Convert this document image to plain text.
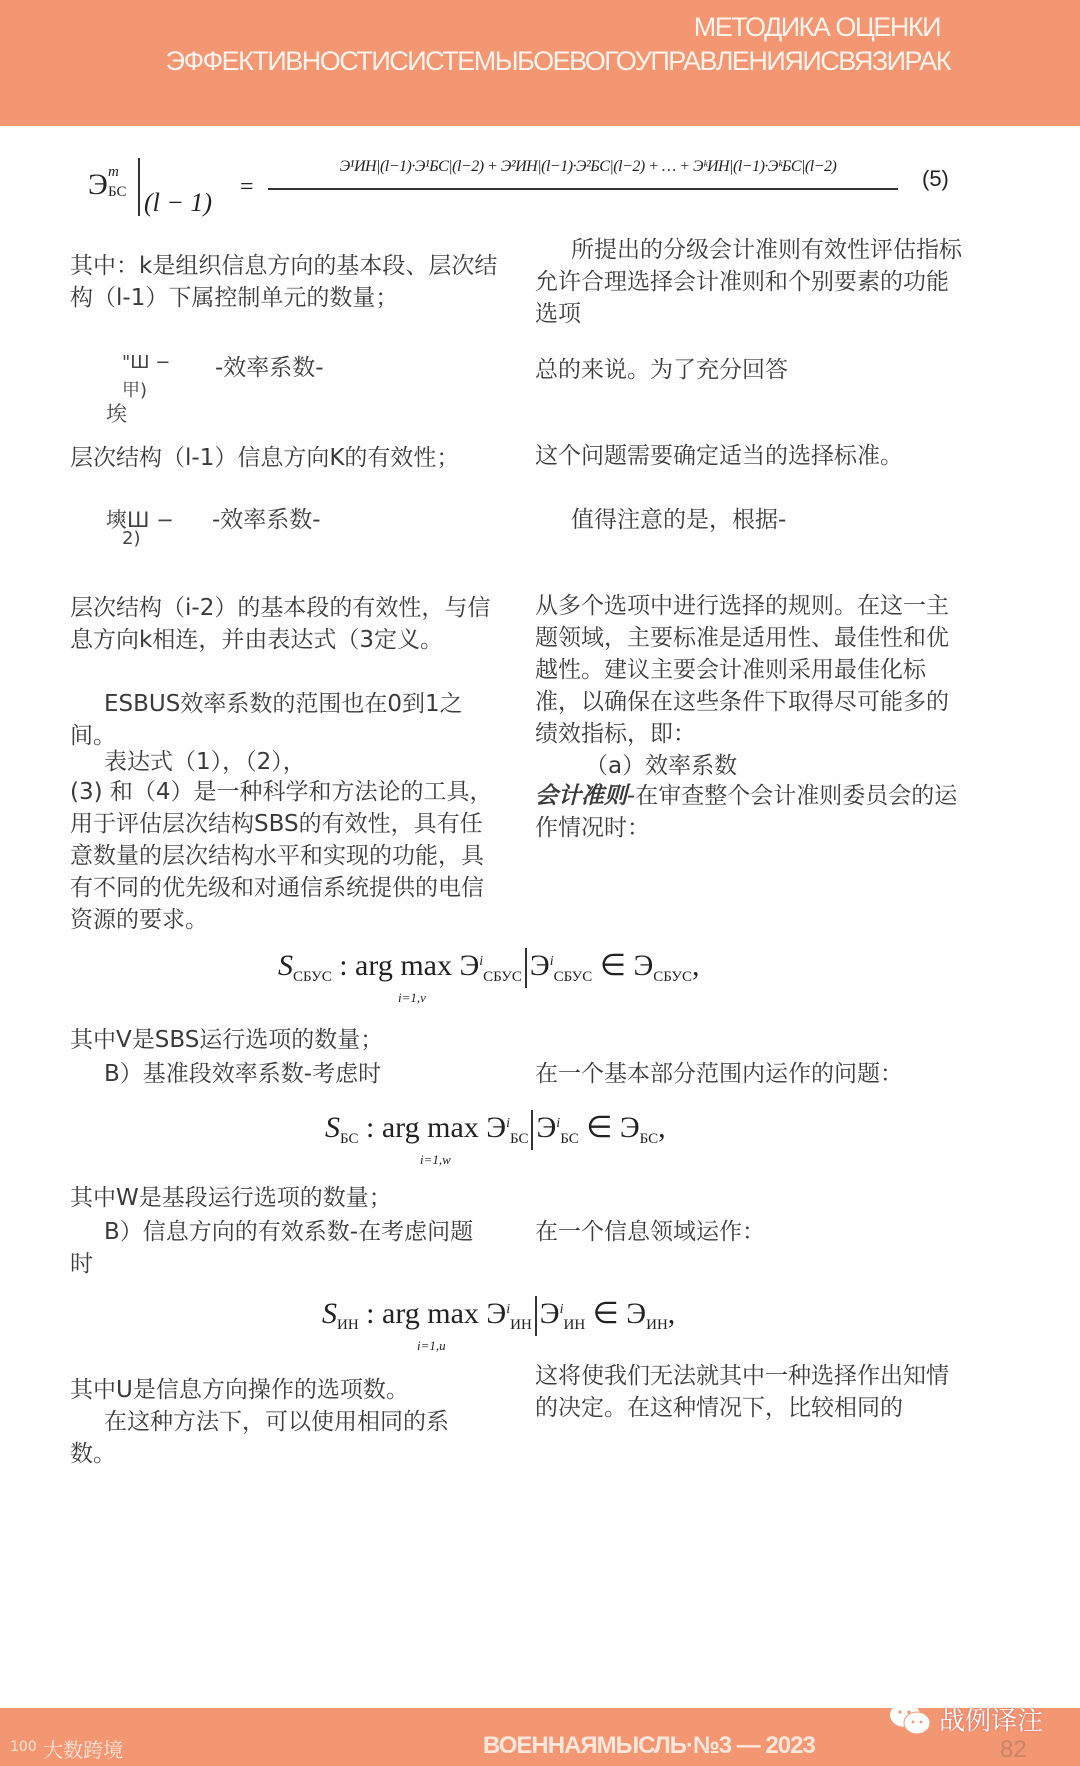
МЕТОДИКА ОЦЕНКИ
ЭФФЕКТИВНОСТИСИСТЕМЫБОЕВОГОУПРАВЛЕНИЯИСВЯЗИРАК
Э m
БС (l − 1)
=
Э¹ИН|(l−1)·Э¹БС|(l−2) + Э²ИН|(l−1)·Э²БС|(l−2) + … + ЭᵏИН|(l−1)·ЭᵏБС|(l−2)	(5)
其中：k是组织信息方向的基本段、层次结构（l-1）下属控制单元的数量；
"Ш −
甲)
埃
-效率系数-
层次结构（l-1）信息方向K的有效性；
塽Ш −
2)
-效率系数-
层次结构（i-2）的基本段的有效性，与信息方向k相连，并由表达式（3定义。
ESBUS效率系数的范围也在0到1之间。
表达式（1），（2），
(3) 和（4）是一种科学和方法论的工具，用于评估层次结构SBS的有效性，具有任意数量的层次结构水平和实现的功能，具有不同的优先级和对通信系统提供的电信资源的要求。
所提出的分级会计准则有效性评估指标允许合理选择会计准则和个别要素的功能选项
总的来说。为了充分回答
这个问题需要确定适当的选择标准。
值得注意的是，根据-
从多个选项中进行选择的规则。在这一主题领域，主要标准是适用性、最佳性和优越性。建议主要会计准则采用最佳化标准，以确保在这些条件下取得尽可能多的绩效指标，即：
（a）效率系数
会计准则-在审查整个会计准则委员会的运作情况时：
$S_{СБУС}$ : arg $\max Э^i_{СБУС}$ $Э^i_{СБУС}$ ∈ $Э_{СБУС}$,
i=1,v
其中V是SBS运行选项的数量；
B）基准段效率系数-考虑时	在一个基本部分范围内运作的问题：
$S_{БС}$ : arg $\max Э^i_{БС}$ $Э^i_{БС}$ ∈ $Э_{БС}$,
i=1,w
其中W是基段运行选项的数量；
B）信息方向的有效系数-在考虑问题时
在一个信息领域运作：
$S_{ИН}$ : arg $\max Э^i_{ИН}$ $Э^i_{ИН}$ ∈ $Э_{ИН}$,
i=1,u
其中U是信息方向操作的选项数。
在这种方法下，可以使用相同的系数。
这将使我们无法就其中一种选择作出知情的决定。在这种情况下，比较相同的
$^{100}$ 大数跨境	ВОЕННАЯМЫСЛЬ·№3 — 2023	82
战例译注
